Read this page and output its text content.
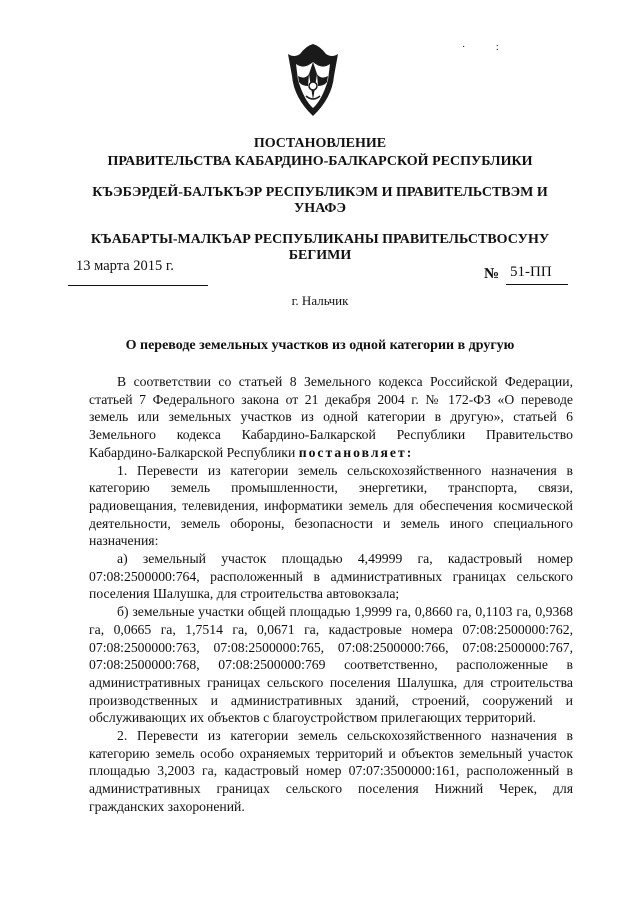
· :

ПОСТАНОВЛЕНИЕ

ПРАВИТЕЛЬСТВА КАБАРДИНО-БАЛКАРСКОЙ РЕСПУБЛИКИ

КЪЭБЭРДЕЙ-БАЛЪКЪЭР РЕСПУБЛИКЭМ И ПРАВИТЕЛЬСТВЭМ И

УНАФЭ

КЪАБАРТЫ-МАЛКЪАР РЕСПУБЛИКАНЫ ПРАВИТЕЛЬСТВОСУНУ

БЕГИМИ

13 марта 2015 г.	№ 51-ПП
г. Нальчик

О переводе земельных участков из одной категории в другую

В соответствии со статьей 8 Земельного кодекса Российской Федерации, статьей 7 Федерального закона от 21 декабря 2004 г. № 172-ФЗ «О переводе земель или земельных участков из одной категории в другую», статьей 6 Земельного кодекса Кабардино-Балкарской Республики Правительство Кабардино-Балкарской Республики постановляет:

1. Перевести из категории земель сельскохозяйственного назначения в категорию земель промышленности, энергетики, транспорта, связи, радиовещания, телевидения, информатики земель для обеспечения космической деятельности, земель обороны, безопасности и земель иного специального назначения:

а) земельный участок площадью 4,49999 га, кадастровый номер 07:08:2500000:764, расположенный в административных границах сельского поселения Шалушка, для строительства автовокзала;

б) земельные участки общей площадью 1,9999 га, 0,8660 га, 0,1103 га, 0,9368 га, 0,0665 га, 1,7514 га, 0,0671 га, кадастровые номера 07:08:2500000:762, 07:08:2500000:763, 07:08:2500000:765, 07:08:2500000:766, 07:08:2500000:767, 07:08:2500000:768, 07:08:2500000:769 соответственно, расположенные в административных границах сельского поселения Шалушка, для строительства производственных и административных зданий, строений, сооружений и обслуживающих их объектов с благоустройством прилегающих территорий.

2. Перевести из категории земель сельскохозяйственного назначения в категорию земель особо охраняемых территорий и объектов земельный участок площадью 3,2003 га, кадастровый номер 07:07:3500000:161, расположенный в административных границах сельского поселения Нижний Черек, для гражданских захоронений.
